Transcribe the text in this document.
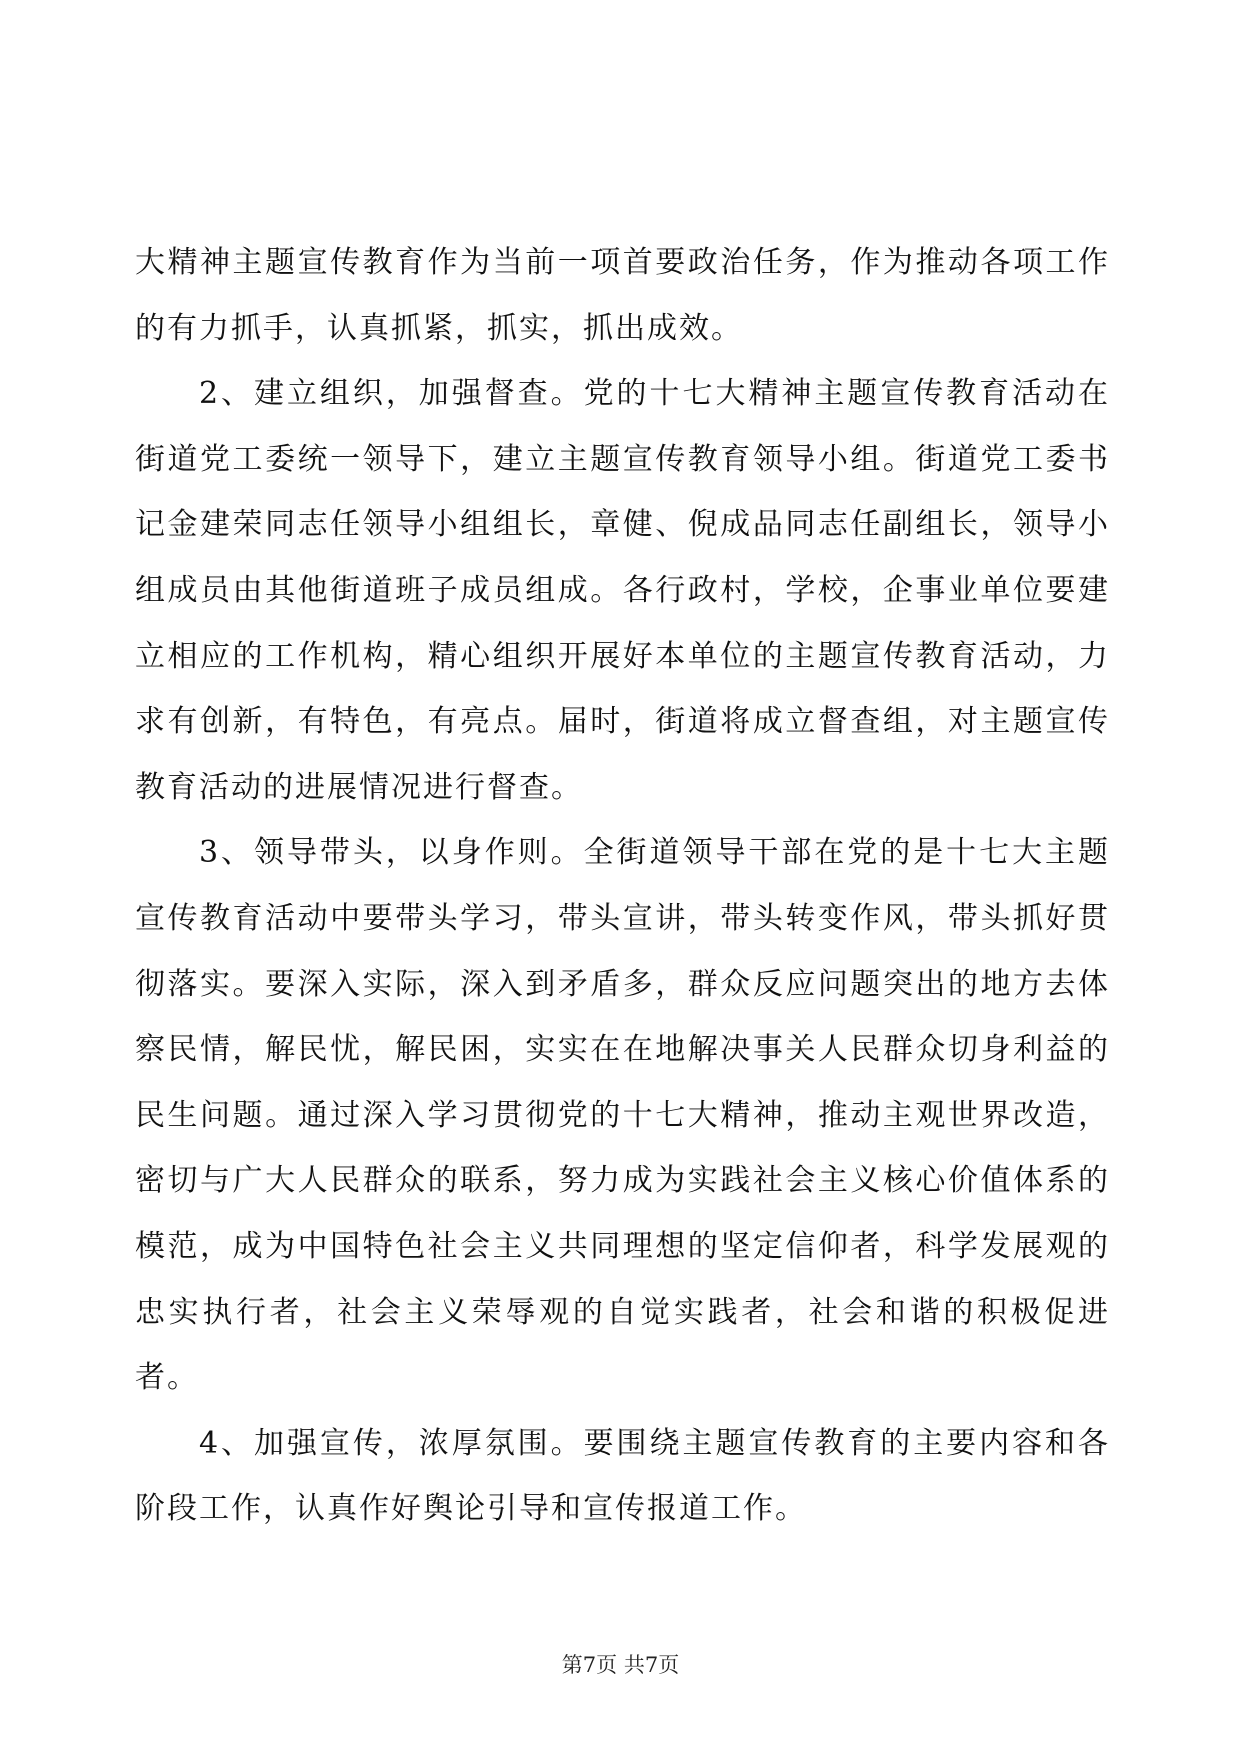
大精神主题宣传教育作为当前一项首要政治任务，作为推动各项工作的有力抓手，认真抓紧，抓实，抓出成效。

2、建立组织，加强督查。党的十七大精神主题宣传教育活动在街道党工委统一领导下，建立主题宣传教育领导小组。街道党工委书记金建荣同志任领导小组组长，章健、倪成品同志任副组长，领导小组成员由其他街道班子成员组成。各行政村，学校，企事业单位要建立相应的工作机构，精心组织开展好本单位的主题宣传教育活动，力求有创新，有特色，有亮点。届时，街道将成立督查组，对主题宣传教育活动的进展情况进行督查。

3、领导带头，以身作则。全街道领导干部在党的是十七大主题宣传教育活动中要带头学习，带头宣讲，带头转变作风，带头抓好贯彻落实。要深入实际，深入到矛盾多，群众反应问题突出的地方去体察民情，解民忧，解民困，实实在在地解决事关人民群众切身利益的民生问题。通过深入学习贯彻党的十七大精神，推动主观世界改造，密切与广大人民群众的联系，努力成为实践社会主义核心价值体系的模范，成为中国特色社会主义共同理想的坚定信仰者，科学发展观的忠实执行者，社会主义荣辱观的自觉实践者，社会和谐的积极促进者。

4、加强宣传，浓厚氛围。要围绕主题宣传教育的主要内容和各阶段工作，认真作好舆论引导和宣传报道工作。

第7页 共7页
